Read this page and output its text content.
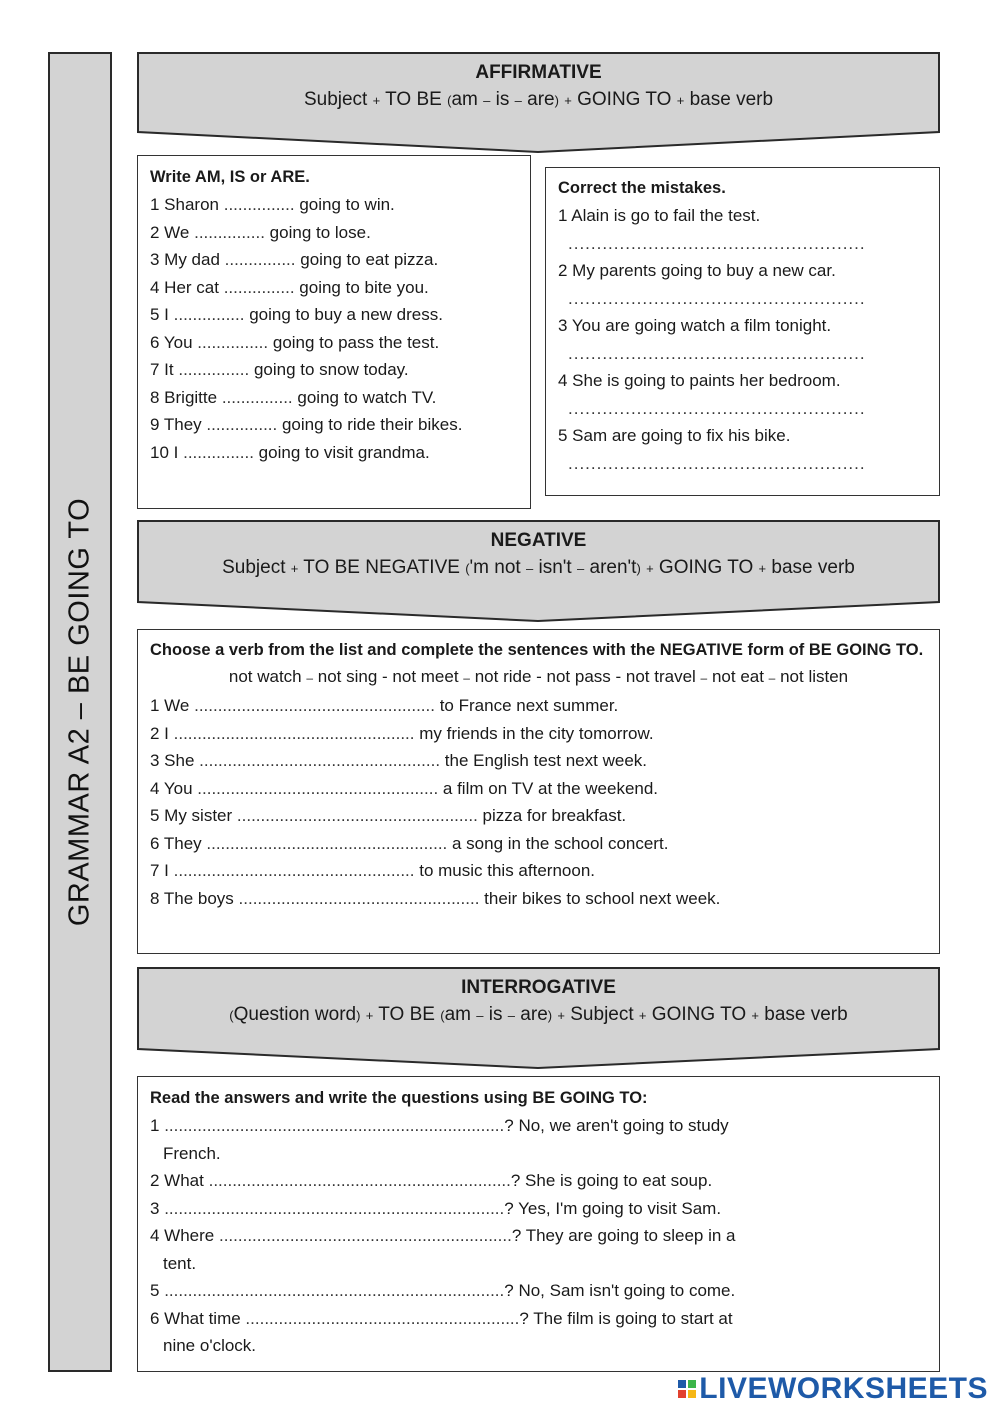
GRAMMAR A2 – BE GOING TO
AFFIRMATIVE
Subject + TO BE (am – is – are) + GOING TO + base verb
Write AM, IS or ARE.
1 Sharon ............... going to win.
2 We ............... going to lose.
3 My dad ............... going to eat pizza.
4 Her cat ............... going to bite you.
5 I ............... going to buy a new dress.
6 You ............... going to pass the test.
7 It ............... going to snow today.
8 Brigitte ............... going to watch TV.
9 They ............... going to ride their bikes.
10 I ............... going to visit grandma.
Correct the mistakes.
1 Alain is go to fail the test.
....................................................
2 My parents going to buy a new car.
....................................................
3 You are going watch a film tonight.
....................................................
4 She is going to paints her bedroom.
....................................................
5 Sam are going to fix his bike.
....................................................
NEGATIVE
Subject + TO BE NEGATIVE ('m not – isn't – aren't) + GOING TO + base verb
Choose a verb from the list and complete the sentences with the NEGATIVE form of BE GOING TO.
not watch – not sing - not meet – not ride - not pass - not travel – not eat – not listen
1 We ................................................... to France next summer.
2 I ................................................... my friends in the city tomorrow.
3 She ................................................... the English test next week.
4 You ................................................... a film on TV at the weekend.
5 My sister ................................................... pizza for breakfast.
6 They ................................................... a song in the school concert.
7 I ................................................... to music this afternoon.
8 The boys ................................................... their bikes to school next week.
INTERROGATIVE
(Question word) + TO BE (am – is – are) + Subject + GOING TO + base verb
Read the answers and write the questions using BE GOING TO:
1 ........................................................................? No, we aren't going to study
French.
2 What ................................................................? She is going to eat soup.
3 ........................................................................? Yes, I'm going to visit Sam.
4 Where ..............................................................? They are going to sleep in a
tent.
5 ........................................................................? No, Sam isn't going to come.
6 What time ..........................................................? The film is going to start at
nine o'clock.
LIVEWORKSHEETS
